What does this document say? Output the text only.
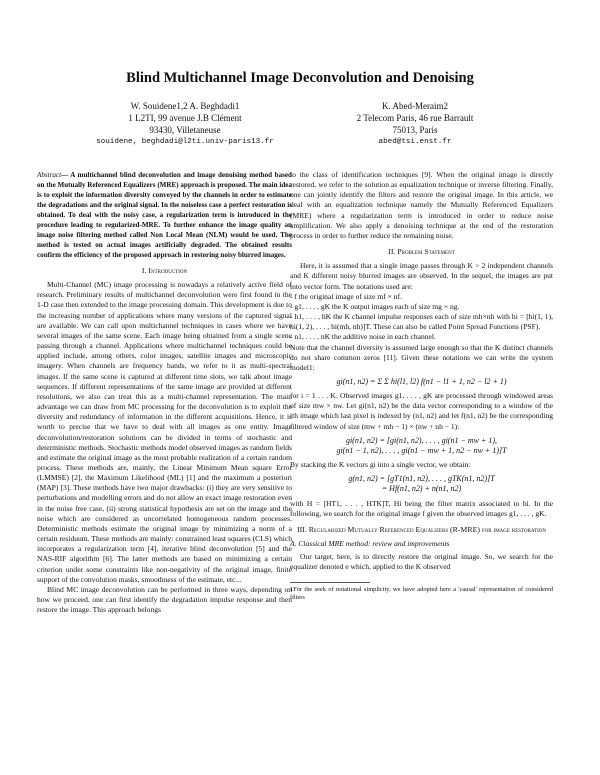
Blind Multichannel Image Deconvolution and Denoising
W. Souidene1,2 A. Beghdadi1
1 L2TI, 99 avenue J.B Clément
93430, Villetaneuse
souidene, beghdadi@l2ti.univ-paris13.fr
K. Abed-Meraim2
2 Telecom Paris, 46 rue Barrault
75013, Paris
abed@tsi.enst.fr
Abstract— A multichannel blind deconvolution and image denoising method based on the Mutually Referenced Equalizers (MRE) approach is proposed. The main idea is to exploit the information diversity conveyed by the channels in order to estimate the degradations and the original signal. In the noiseless case a perfect restoration is obtained. To deal with the noisy case, a regularization term is introduced in the procedure leading to regularized-MRE. To further enhance the image quality an image noise filtering method called Non Local Mean (NLM) would be used. The method is tested on actual images artificially degraded. The obtained results confirm the efficiency of the proposed approach in restoring noisy blurred images.
I. Introduction

Multi-Channel (MC) image processing is nowadays a relatively active field of research. Preliminary results of multichannel deconvolution were first found in the 1-D case then extended to the image processing domain. This development is due to the increasing number of applications where many versions of the captured signal are available. We can call upon multichannel techniques in cases where we have several images of the same scene. Each image being obtained from a single scene passing through a channel. Applications where multichannel techniques could be applied include, among others, color images, satellite images and microscopic imagery. When channels are frequency bands, we refer to it as multi-spectral images. If the same scene is captured at different time slots, we talk about image sequences. If different representations of the same image are provided at different resolutions, we also can treat this as a multi-channel representation. The main advantage we can draw from MC processing for the deconvolution is to exploit the diversity and redundancy of information in the different acquisitions. Hence, it is worth to precise that we have to deal with all images as one entity. Image deconvolution/restoration solutions can be divided in terms of stochastic and deterministic methods. Stochastic methods model observed images as random fields and estimate the original image as the most probable realization of a certain random process. These methods are, mainly, the Linear Minimum Mean square Error (LMMSE) [2], the Maximum Likelihood (ML) [1] and the maximum a posteriori (MAP) [3]. These methods have two major drawbacks: (i) they are very sensitive to perturbations and modelling errors and do not allow an exact image restoration even in the noise free case, (ii) strong statistical hypothesis are set on the image and the noise which are considered as uncorrelated homogeneous random processes. Deterministic methods estimate the original image by minimizing a norm of a certain residuum. These methods are mainly: constrained least squares (CLS) which incorporates a regularization term [4], iterative blind deconvolution [5] and the NAS-RIF algorithm [6]. The latter methods are based on minimizing a certain criterion under some constraints like non-negativity of the original image, finite support of the convolution masks, smoothness of the estimate, etc...

Blind MC image deconvolution can be performed in three ways, depending on how we proceed. one can first identify the degradation impulse response and then restore the image. This approach belongs

to the class of identification techniques [9]. When the original image is directly restored, we refer to the solution as equalization technique or inverse filtering. Finally, one can jointly identify the filters and restore the original image. In this article, we deal with an equalization technique namely the Mutually Referenced Equalizers (MRE) where a regularization term is introduced in order to reduce noise amplification. We also apply a denoising technique at the end of the restoration process in order to further reduce the remaining noise.

II. Problem Statement

Here, it is assumed that a single image passes through K > 2 independent channels and K different noisy blurred images are observed. In the sequel, the images are put into vector form. The notations used are:

- f the original image of size mf × nf.

- g1, . . . , gK the K output images each of size mg × ng.

- h1, . . . , hK the K channel impulse responses each of size mh×nh with hi = [hi(1, 1), hi(1, 2), . . . , hi(mh, nh)]T. These can also be called Point Spread Functions (PSF).

- n1, . . . , nK the additive noise in each channel.

Note that the channel diversity is assumed large enough so that the K distinct channels do not share common zeros [11]. Given these notations we can write the system model1:

gi(n1, n2) = Σ Σ hi(l1, l2) f(n1 − l1 + 1, n2 − l2 + 1)

for i = 1 . . . K. Observed images g1, . . . , gK are processed through windowed areas of size mw × nw. Let gi(n1, n2) be the data vector corresponding to a window of the ith image which last pixel is indexed by (n1, n2) and let f(n1, n2) be the corresponding filtered window of size (mw + mh − 1) × (nw + nh − 1):

gi(n1, n2) = [gi(n1, n2), . . . , gi(n1 − mw + 1),
gi(n1 − 1, n2), . . . , gi(n1 − mw + 1, n2 − nw + 1)]T

By stacking the K vectors gi into a single vector, we obtain:

g(n1, n2) = [gT1(n1, n2), . . . , gTK(n1, n2)]T
= Hf(n1, n2) + n(n1, n2)

with H = [HT1, . . . , HTK]T, Hi being the filter matrix associated to hi. In the following, we search for the original image f given the observed images g1, . . . , gK.

III. Regularized Mutually Referenced Equalizers (R-MRE) for image restoration
A. Classical MRE method: review and improvements

Our target, here, is to directly restore the original image. So, we search for the equalizer denoted e which, applied to the K observed

1For the seek of notational simplicity, we have adopted here a 'causal' representation of considered filters
